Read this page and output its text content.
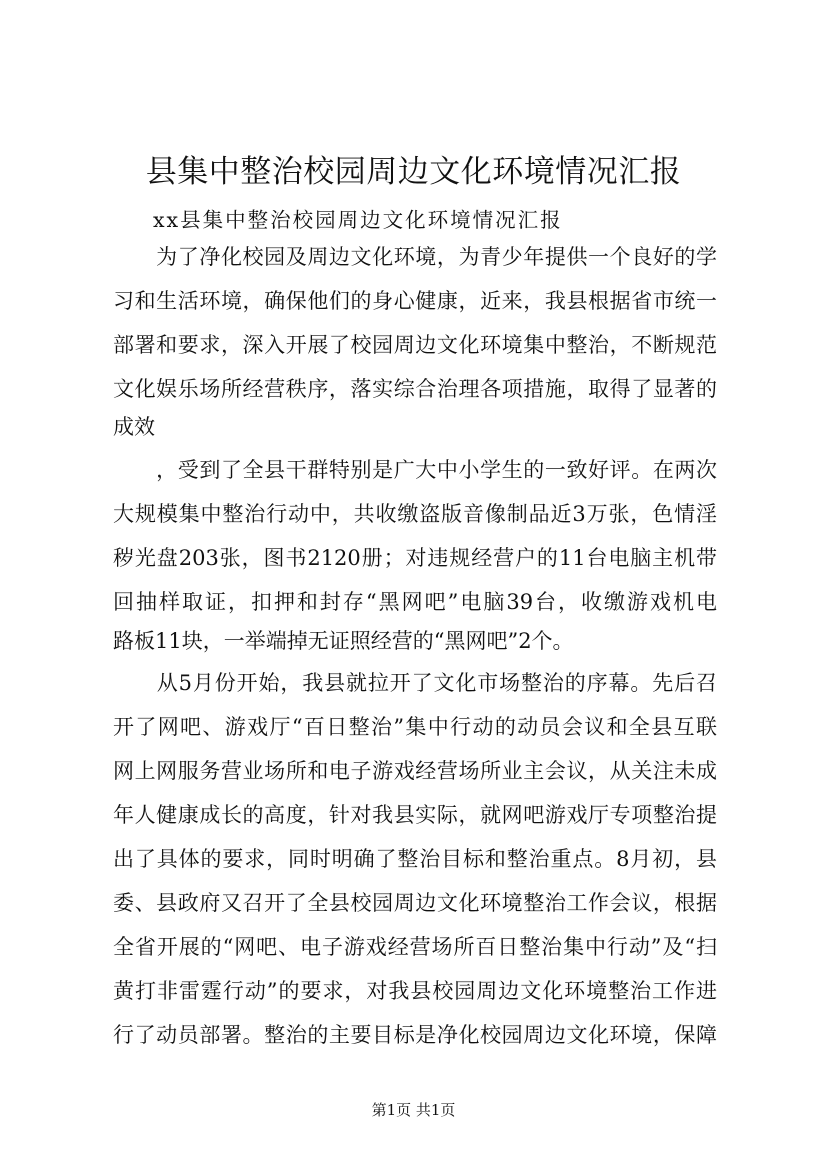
县集中整治校园周边文化环境情况汇报

xx县集中整治校园周边文化环境情况汇报

　　为了净化校园及周边文化环境，为青少年提供一个良好的学

习和生活环境，确保他们的身心健康，近来，我县根据省市统一

部署和要求，深入开展了校园周边文化环境集中整治，不断规范

文化娱乐场所经营秩序，落实综合治理各项措施，取得了显著的

成效

　　，受到了全县干群特别是广大中小学生的一致好评。在两次

大规模集中整治行动中，共收缴盗版音像制品近3万张，色情淫

秽光盘203张，图书2120册；对违规经营户的11台电脑主机带

回抽样取证，扣押和封存“黑网吧”电脑39台，收缴游戏机电

路板11块，一举端掉无证照经营的“黑网吧”2个。

　　从5月份开始，我县就拉开了文化市场整治的序幕。先后召

开了网吧、游戏厅“百日整治”集中行动的动员会议和全县互联

网上网服务营业场所和电子游戏经营场所业主会议，从关注未成

年人健康成长的高度，针对我县实际，就网吧游戏厅专项整治提

出了具体的要求，同时明确了整治目标和整治重点。8月初，县

委、县政府又召开了全县校园周边文化环境整治工作会议，根据

全省开展的“网吧、电子游戏经营场所百日整治集中行动”及“扫

黄打非雷霆行动”的要求，对我县校园周边文化环境整治工作进

行了动员部署。整治的主要目标是净化校园周边文化环境，保障

第1页 共1页
